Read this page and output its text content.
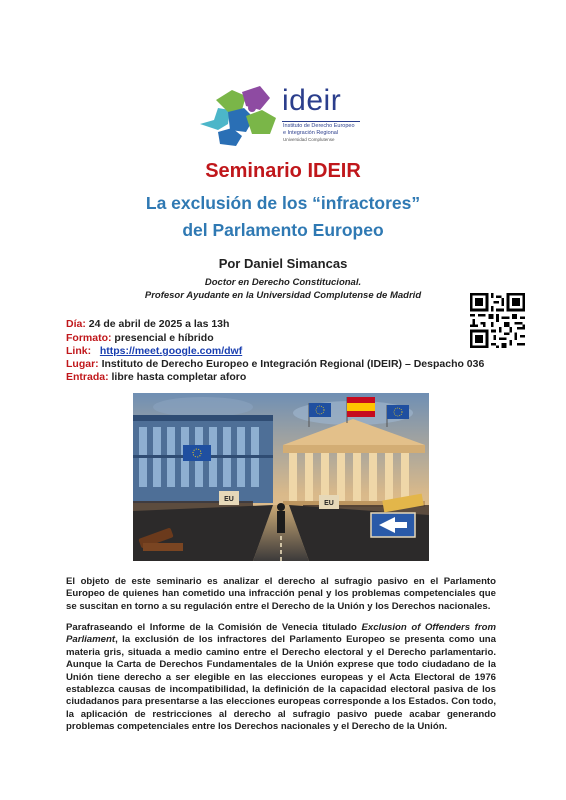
ideir
Instituto de Derecho Europeo
e Integración Regional
Universidad Complutense
Seminario IDEIR
La exclusión de los “infractores”
del Parlamento Europeo
Por Daniel Simancas
Doctor en Derecho Constitucional.
Profesor Ayudante en la Universidad Complutense de Madrid
Día: 24 de abril de 2025 a las 13h
Formato: presencial e híbrido
Link: https://meet.google.com/dwf
Lugar: Instituto de Derecho Europeo e Integración Regional (IDEIR) – Despacho 036
Entrada: libre hasta completar aforo
EU
EU

El objeto de este seminario es analizar el derecho al sufragio pasivo en el Parlamento Europeo de quienes han cometido una infracción penal y los problemas competenciales que se suscitan en torno a su regulación entre el Derecho de la Unión y los Derechos nacionales.

Parafraseando el Informe de la Comisión de Venecia titulado Exclusion of Offenders from Parliament, la exclusión de los infractores del Parlamento Europeo se presenta como una materia gris, situada a medio camino entre el Derecho electoral y el Derecho parlamentario. Aunque la Carta de Derechos Fundamentales de la Unión exprese que todo ciudadano de la Unión tiene derecho a ser elegible en las elecciones europeas y el Acta Electoral de 1976 establezca causas de incompatibilidad, la definición de la capacidad electoral pasiva de los ciudadanos para presentarse a las elecciones europeas corresponde a los Estados. Con todo, la aplicación de restricciones al derecho al sufragio pasivo puede acabar generando problemas competenciales entre los Derechos nacionales y el Derecho de la Unión.
